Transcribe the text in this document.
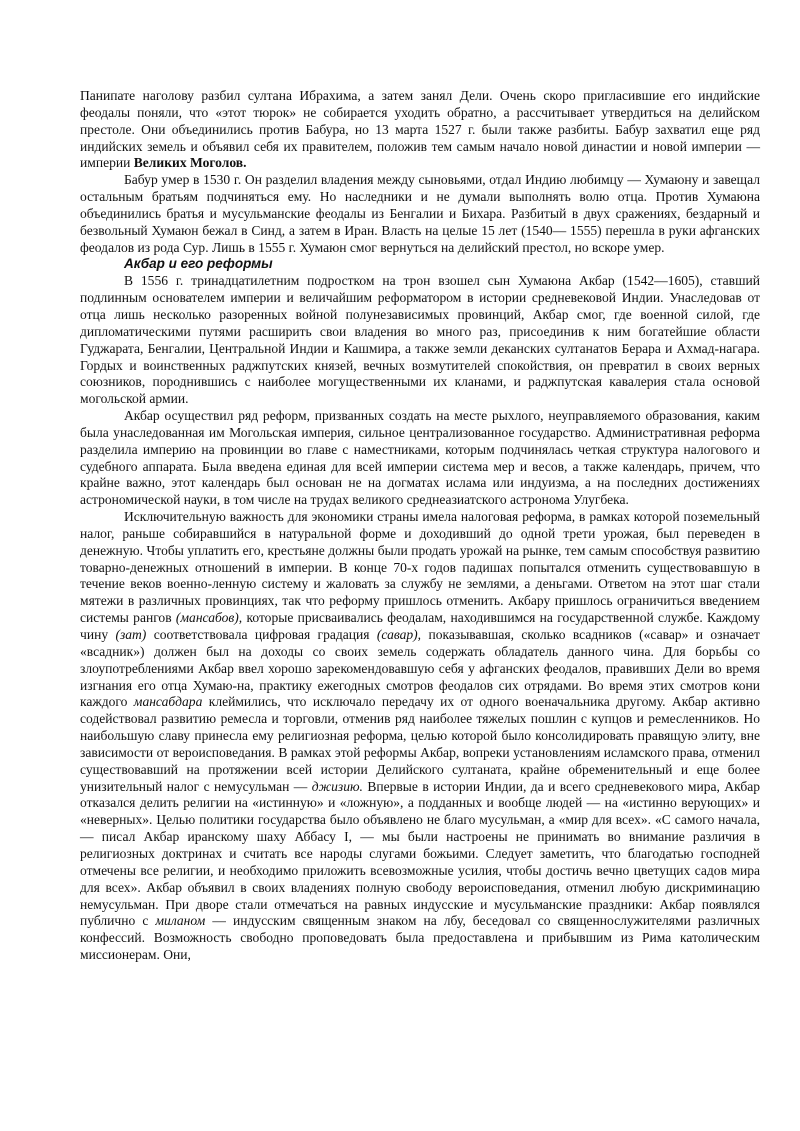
Панипате наголову разбил султана Ибрахима, а затем занял Дели. Очень скоро пригласившие его индийские феодалы поняли, что «этот тюрок» не собирается уходить обратно, а рассчитывает утвердиться на делийском престоле. Они объединились против Бабура, но 13 марта 1527 г. были также разбиты. Бабур захватил еще ряд индийских земель и объявил себя их правителем, положив тем самым начало новой династии и новой империи — империи Великих Моголов.

Бабур умер в 1530 г. Он разделил владения между сыновьями, отдал Индию любимцу — Хумаюну и завещал остальным братьям подчиняться ему. Но наследники и не думали выполнять волю отца. Против Хумаюна объединились братья и мусульманские феодалы из Бенгалии и Бихара. Разбитый в двух сражениях, бездарный и безвольный Хумаюн бежал в Синд, а затем в Иран. Власть на целые 15 лет (1540— 1555) перешла в руки афганских феодалов из рода Сур. Лишь в 1555 г. Хумаюн смог вернуться на делийский престол, но вскоре умер.

Акбар и его реформы

В 1556 г. тринадцатилетним подростком на трон взошел сын Хумаюна Акбар (1542—1605), ставший подлинным основателем империи и величайшим реформатором в истории средневековой Индии. Унаследовав от отца лишь несколько разоренных войной полунезависимых провинций, Акбар смог, где военной силой, где дипломатическими путями расширить свои владения во много раз, присоединив к ним богатейшие области Гуджарата, Бенгалии, Центральной Индии и Кашмира, а также земли деканских султанатов Берара и Ахмад-нагара. Гордых и воинственных раджпутских князей, вечных возмутителей спокойствия, он превратил в своих верных союзников, породнившись с наиболее могущественными их кланами, и раджпутская кавалерия стала основой могольской армии.

Акбар осуществил ряд реформ, призванных создать на месте рыхлого, неуправляемого образования, каким была унаследованная им Могольская империя, сильное централизованное государство. Административная реформа разделила империю на провинции во главе с наместниками, которым подчинялась четкая структура налогового и судебного аппарата. Была введена единая для всей империи система мер и весов, а также календарь, причем, что крайне важно, этот календарь был основан не на догматах ислама или индуизма, а на последних достижениях астрономической науки, в том числе на трудах великого среднеазиатского астронома Улугбека.

Исключительную важность для экономики страны имела налоговая реформа, в рамках которой поземельный налог, раньше собиравшийся в натуральной форме и доходивший до одной трети урожая, был переведен в денежную. Чтобы уплатить его, крестьяне должны были продать урожай на рынке, тем самым способствуя развитию товарно-денежных отношений в империи. В конце 70-х годов падишах попытался отменить существовавшую в течение веков военно-ленную систему и жаловать за службу не землями, а деньгами. Ответом на этот шаг стали мятежи в различных провинциях, так что реформу пришлось отменить. Акбару пришлось ограничиться введением системы рангов (мансабов), которые присваивались феодалам, находившимся на государственной службе. Каждому чину (зат) соответствовала цифровая градация (савар), показывавшая, сколько всадников («савар» и означает «всадник») должен был на доходы со своих земель содержать обладатель данного чина. Для борьбы со злоупотреблениями Акбар ввел хорошо зарекомендовавшую себя у афганских феодалов, правивших Дели во время изгнания его отца Хумаю-на, практику ежегодных смотров феодалов сих отрядами. Во время этих смотров кони каждого мансабдара клеймились, что исключало передачу их от одного военачальника другому. Акбар активно содействовал развитию ремесла и торговли, отменив ряд наиболее тяжелых пошлин с купцов и ремесленников. Но наибольшую славу принесла ему религиозная реформа, целью которой было консолидировать правящую элиту, вне зависимости от вероисповедания. В рамках этой реформы Акбар, вопреки установлениям исламского права, отменил существовавший на протяжении всей истории Делийского султаната, крайне обременительный и еще более унизительный налог с немусульман — джизию. Впервые в истории Индии, да и всего средневекового мира, Акбар отказался делить религии на «истинную» и «ложную», а подданных и вообще людей — на «истинно верующих» и «неверных». Целью политики государства было объявлено не благо мусульман, а «мир для всех». «С самого начала, — писал Акбар иранскому шаху Аббасу I, — мы были настроены не принимать во внимание различия в религиозных доктринах и считать все народы слугами божьими. Следует заметить, что благодатью господней отмечены все религии, и необходимо приложить всевозможные усилия, чтобы достичь вечно цветущих садов мира для всех». Акбар объявил в своих владениях полную свободу вероисповедания, отменил любую дискриминацию немусульман. При дворе стали отмечаться на равных индусские и мусульманские праздники: Акбар появлялся публично с миланом — индусским священным знаком на лбу, беседовал со священнослужителями различных конфессий. Возможность свободно проповедовать была предоставлена и прибывшим из Рима католическим миссионерам. Они,
